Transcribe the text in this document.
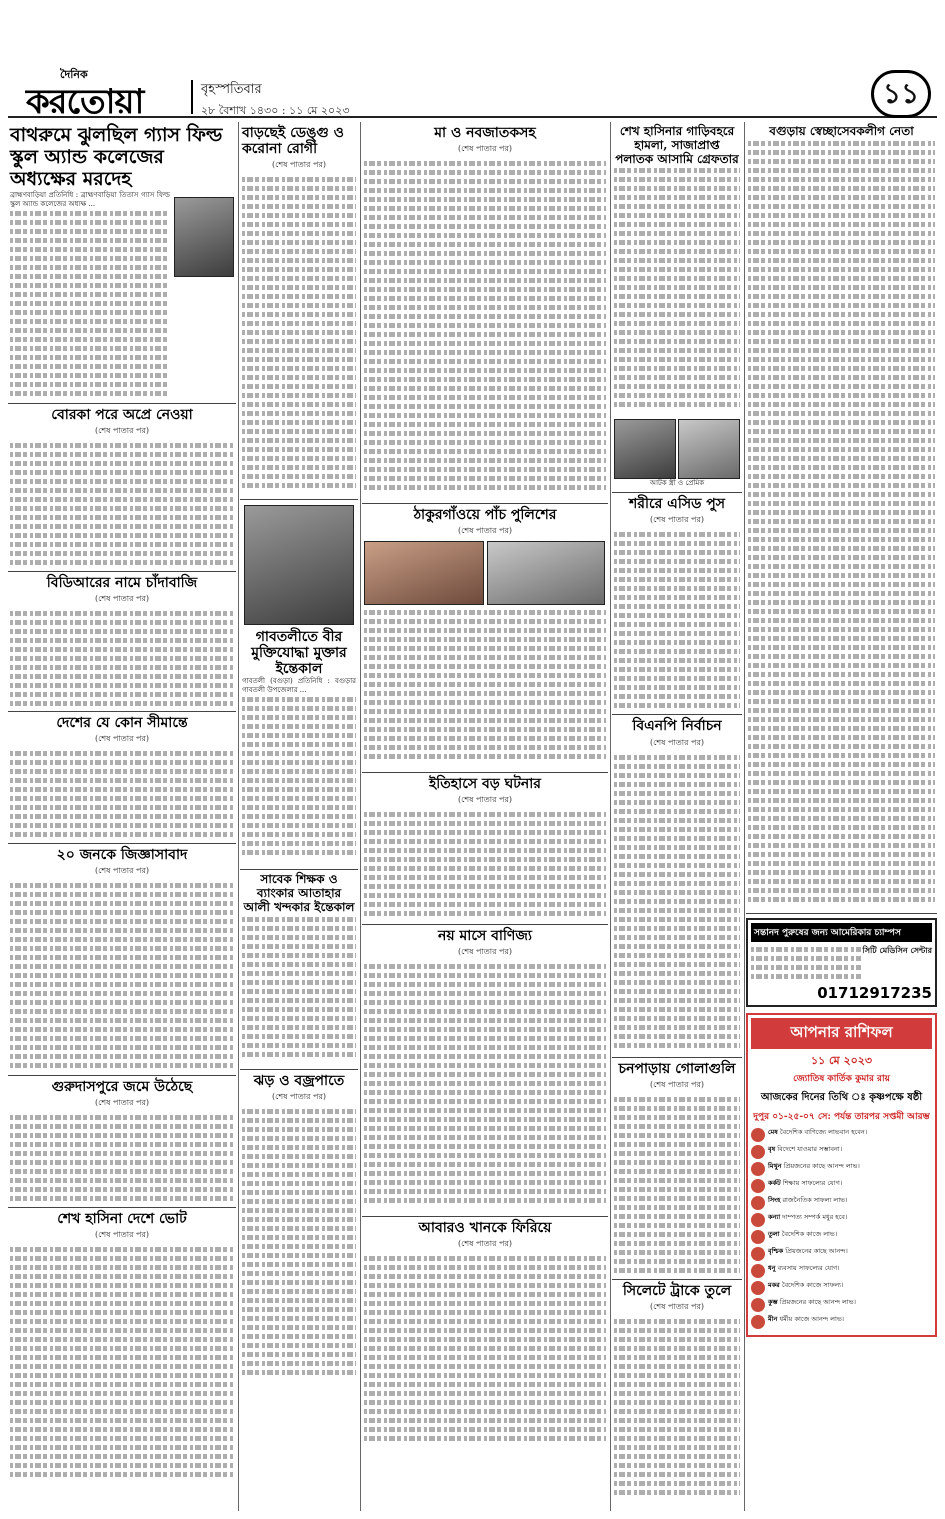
দৈনিক
করতোয়া	বৃহস্পতিবার
২৮ বৈশাখ ১৪৩০ : ১১ মে ২০২৩
১১
বাথরুমে ঝুলছিল গ্যাস ফিল্ড স্কুল অ্যান্ড কলেজের অধ্যক্ষের মরদেহ
ব্রাহ্মণবাড়িয়া প্রতিনিধি : ব্রাহ্মণবাড়িয়া তিতাস গ্যাস ফিল্ড স্কুল অ্যান্ড কলেজের অধ্যক্ষ ...
বোরকা পরে অপ্রে নেওয়া
(শেষ পাতার পর)
বিডিআরের নামে চাঁদাবাজি
(শেষ পাতার পর)
দেশের যে কোন সীমান্তে
(শেষ পাতার পর)
২০ জনকে জিজ্ঞাসাবাদ
(শেষ পাতার পর)
গুরুদাসপুরে জমে উঠেছে
(শেষ পাতার পর)
শেখ হাসিনা দেশে ভোট
(শেষ পাতার পর)
বাড়ছেই ডেঙ্গু ও করোনা রোগী
(শেষ পাতার পর)
গাবতলীতে বীর মুক্তিযোদ্ধা মুক্তার ইন্তেকাল
গাবতলী (বগুড়া) প্রতিনিধি : বগুড়ার গাবতলী উপজেলার ...
সাবেক শিক্ষক ও ব্যাংকার আতাহার আলী খন্দকার ইন্তেকাল
ঝড় ও বজ্রপাতে
(শেষ পাতার পর)
মা ও নবজাতকসহ
(শেষ পাতার পর)
ঠাকুরগাঁওয়ে পাঁচ পুলিশের
(শেষ পাতার পর)
ইতিহাসে বড় ঘটনার
(শেষ পাতার পর)
নয় মাসে বাণিজ্য
(শেষ পাতার পর)
আবারও খানকে ফিরিয়ে
(শেষ পাতার পর)
শেখ হাসিনার গাড়িবহরে হামলা, সাজাপ্রাপ্ত পলাতক আসামি গ্রেফতার
আটক স্ত্রী ও প্রেমিক
শরীরে এসিড পুস
(শেষ পাতার পর)
বিএনপি নির্বাচন
(শেষ পাতার পর)
চনপাড়ায় গোলাগুলি
(শেষ পাতার পর)
সিলেটে ট্রাকে তুলে
(শেষ পাতার পর)
বগুড়ায় স্বেচ্ছাসেবকলীগ নেতা
সন্তানদ পুরুষের জন্য আমেরিকার চ্যাম্পস
সিটি মেডিসিন সেন্টার
01712917235
আপনার রাশিফল
১১ মে ২০২৩
জ্যোতিষ কার্তিক কুমার রায়
আজকের দিনের তিথি ঃ কৃষ্ণপক্ষে ষষ্ঠী
দুপুর ০১-২৫-০৭ সে: পর্যন্ত তারপর সপ্তমী আরম্ভ
মেষ বৈদেশিক বাণিজ্যে লাভবান হবেন।
বৃষ বিদেশে যাওয়ার সম্ভাবনা।
মিথুন প্রিয়জনের কাছে আনন্দ লাভ।
কর্কট শিক্ষায় সাফল্যের যোগ।
সিংহ রাজনৈতিক সাফল্য লাভ।
কন্যা দাম্পত্য সম্পর্ক মধুর হবে।
তুলা বৈদেশিক কাজে লাভ।
বৃশ্চিক প্রিয়জনের কাছে আনন্দ।
ধনু ব্যবসায় সাফল্যের যোগ।
মকর বৈদেশিক কাজে সাফল্য।
কুম্ভ প্রিয়জনের কাছে আনন্দ লাভ।
মীন ধর্মীয় কাজে আনন্দ লাভ।
